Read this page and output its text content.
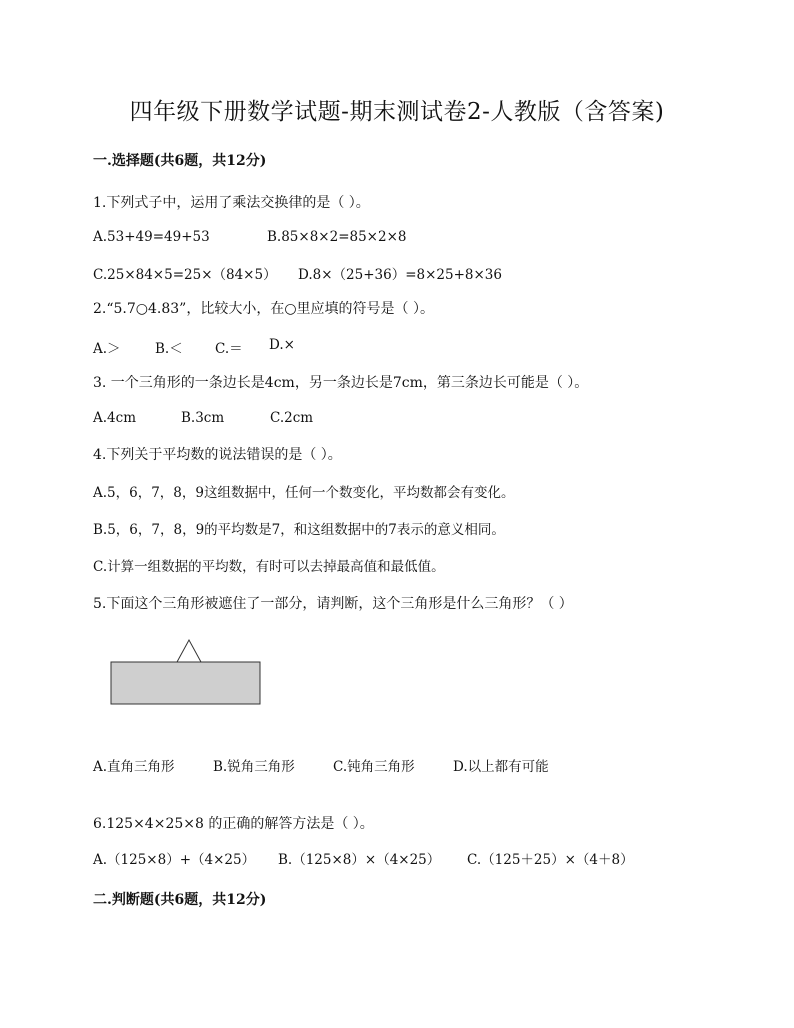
四年级下册数学试题-期末测试卷2-人教版（含答案)
一.选择题(共6题，共12分)
1.下列式子中，运用了乘法交换律的是（ ）。
A.53+49=49+53	B.85×8×2=85×2×8
C.25×84×5=25×（84×5） D.8×（25+36）=8×25+8×36
2.“5.7○4.83”，比较大小，在○里应填的符号是（ ）。
A.＞	B.＜ C.＝ D.×
3. 一个三角形的一条边长是4cm，另一条边长是7cm，第三条边长可能是（ ）。
A.4cm	B.3cm	C.2cm
4.下列关于平均数的说法错误的是（ ）。
A.5，6，7，8，9这组数据中，任何一个数变化，平均数都会有变化。
B.5，6，7，8，9的平均数是7，和这组数据中的7表示的意义相同。
C.计算一组数据的平均数，有时可以去掉最高值和最低值。
5.下面这个三角形被遮住了一部分，请判断，这个三角形是什么三角形？（ ）
A.直角三角形	B.锐角三角形	C.钝角三角形	D.以上都有可能
6.125×4×25×8 的正确的解答方法是（ ）。
A.（125×8）+（4×25） B.（125×8）×（4×25） C.（125＋25）×（4＋8）
二.判断题(共6题，共12分)
